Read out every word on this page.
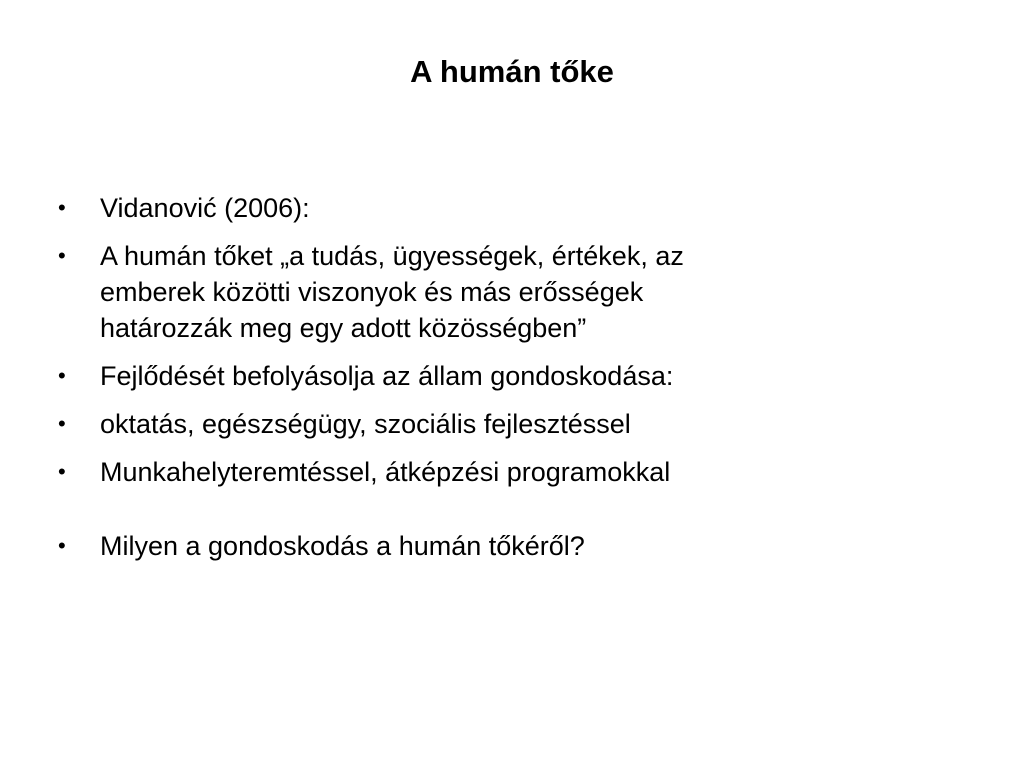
A humán tőke
•	Vidanović (2006):
•	A humán tőket „a tudás, ügyességek, értékek, az
emberek közötti viszonyok és más erősségek
határozzák meg egy adott közösségben”
•	Fejlődését befolyásolja az állam gondoskodása:
•	oktatás, egészségügy, szociális fejlesztéssel
•	Munkahelyteremtéssel, átképzési programokkal
•	Milyen a gondoskodás a humán tőkéről?
